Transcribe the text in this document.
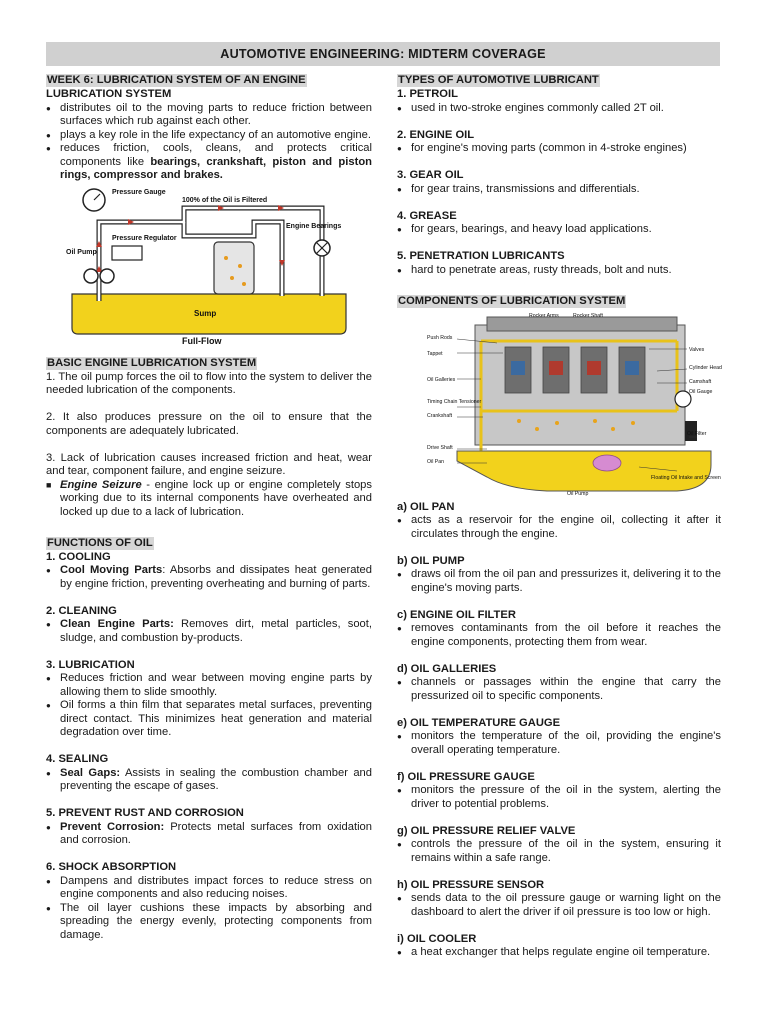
AUTOMOTIVE ENGINEERING: MIDTERM COVERAGE
WEEK 6: LUBRICATION SYSTEM OF AN ENGINE
LUBRICATION SYSTEM
● distributes oil to the moving parts to reduce friction between surfaces which rub against each other.
● plays a key role in the life expectancy of an automotive engine.
● reduces friction, cools, cleans, and protects critical components like bearings, crankshaft, piston and piston rings, compressor and brakes.
Pressure Gauge
100% of the Oil is Filtered
Pressure Regulator
Oil Pump
Engine Bearings
Sump
Full-Flow
BASIC ENGINE LUBRICATION SYSTEM

1. The oil pump forces the oil to flow into the system to deliver the needed lubrication of the components.

2. It also produces pressure on the oil to ensure that the components are adequately lubricated.

3. Lack of lubrication causes increased friction and heat, wear and tear, component failure, and engine seizure.

■ Engine Seizure - engine lock up or engine completely stops working due to its internal components have overheated and locked up due to a lack of lubrication.
FUNCTIONS OF OIL
1. COOLING
● Cool Moving Parts: Absorbs and dissipates heat generated by engine friction, preventing overheating and burning of parts.
2. CLEANING
● Clean Engine Parts: Removes dirt, metal particles, soot, sludge, and combustion by-products.
3. LUBRICATION
● Reduces friction and wear between moving engine parts by allowing them to slide smoothly.
● Oil forms a thin film that separates metal surfaces, preventing direct contact. This minimizes heat generation and material degradation over time.
4. SEALING
● Seal Gaps: Assists in sealing the combustion chamber and preventing the escape of gases.
5. PREVENT RUST AND CORROSION
● Prevent Corrosion: Protects metal surfaces from oxidation and corrosion.
6. SHOCK ABSORPTION
● Dampens and distributes impact forces to reduce stress on engine components and also reducing noises.
● The oil layer cushions these impacts by absorbing and spreading the energy evenly, protecting components from damage.
TYPES OF AUTOMOTIVE LUBRICANT
1. PETROIL
● used in two-stroke engines commonly called 2T oil.
2. ENGINE OIL
● for engine's moving parts (common in 4-stroke engines)
3. GEAR OIL
● for gear trains, transmissions and differentials.
4. GREASE
● for gears, bearings, and heavy load applications.
5. PENETRATION LUBRICANTS
● hard to penetrate areas, rusty threads, bolt and nuts.
COMPONENTS OF LUBRICATION SYSTEM
Rocker Arms	Rocker Shaft
Push Rods
Valves
Tappet
Cylinder Head
Oil Galleries	Camshaft
Oil Gauge
Timing Chain Tensioner
Crankshaft
Oil Filter
Drive Shaft
Oil Pan
Floating Oil Intake and Screen
Oil Pump
a) OIL PAN
● acts as a reservoir for the engine oil, collecting it after it circulates through the engine.
b) OIL PUMP
● draws oil from the oil pan and pressurizes it, delivering it to the engine's moving parts.
c) ENGINE OIL FILTER
● removes contaminants from the oil before it reaches the engine components, protecting them from wear.
d) OIL GALLERIES
● channels or passages within the engine that carry the pressurized oil to specific components.
e) OIL TEMPERATURE GAUGE
● monitors the temperature of the oil, providing the engine's overall operating temperature.
f) OIL PRESSURE GAUGE
● monitors the pressure of the oil in the system, alerting the driver to potential problems.
g) OIL PRESSURE RELIEF VALVE
● controls the pressure of the oil in the system, ensuring it remains within a safe range.
h) OIL PRESSURE SENSOR
● sends data to the oil pressure gauge or warning light on the dashboard to alert the driver if oil pressure is too low or high.
i) OIL COOLER
● a heat exchanger that helps regulate engine oil temperature.
